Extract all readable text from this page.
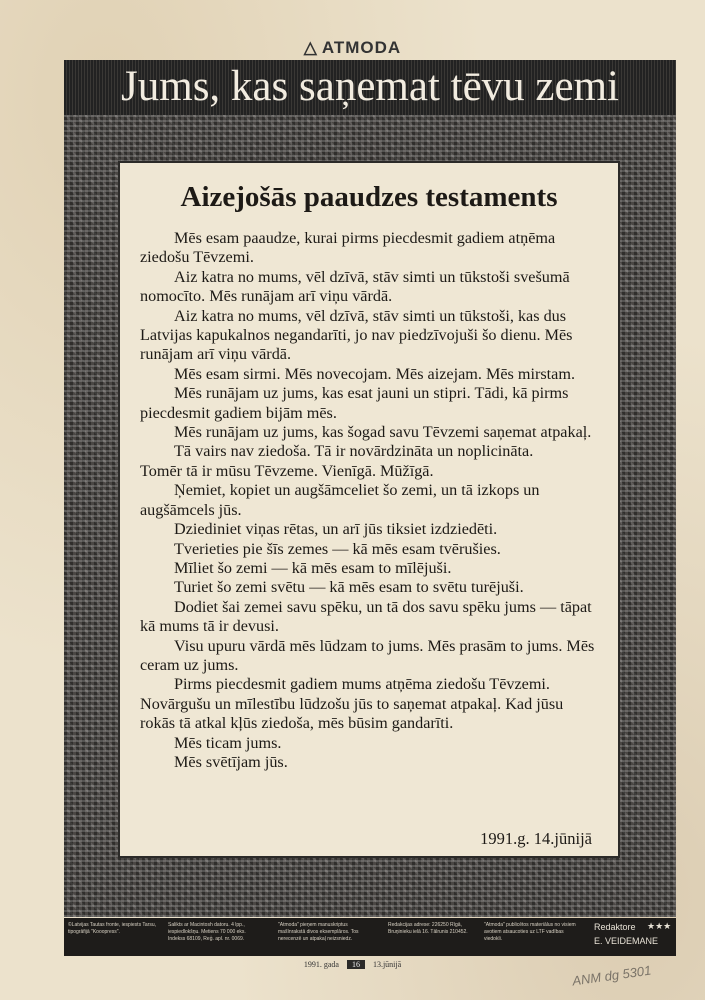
△ ATMODA
Jums, kas saņemat tēvu zemi
Aizejošās paaudzes testaments

Mēs esam paaudze, kurai pirms piecdesmit gadiem atņēma ziedošu Tēvzemi.

Aiz katra no mums, vēl dzīvā, stāv simti un tūkstoši svešumā nomocīto. Mēs runājam arī viņu vārdā.

Aiz katra no mums, vēl dzīvā, stāv simti un tūkstoši, kas dus Latvijas kapukalnos negandarīti, jo nav piedzīvojuši šo dienu. Mēs runājam arī viņu vārdā.

Mēs esam sirmi. Mēs novecojam. Mēs aizejam. Mēs mirstam.

Mēs runājam uz jums, kas esat jauni un stipri. Tādi, kā pirms piecdesmit gadiem bijām mēs.

Mēs runājam uz jums, kas šogad savu Tēvzemi saņemat atpakaļ.

Tā vairs nav ziedoša. Tā ir novārdzināta un noplicināta.

Tomēr tā ir mūsu Tēvzeme. Vienīgā. Mūžīgā.

Ņemiet, kopiet un augšāmceliet šo zemi, un tā izkops un augšāmcels jūs.

Dziediniet viņas rētas, un arī jūs tiksiet izdziedēti.

Tverieties pie šīs zemes — kā mēs esam tvērušies.

Mīliet šo zemi — kā mēs esam to mīlējuši.

Turiet šo zemi svētu — kā mēs esam to svētu turējuši.

Dodiet šai zemei savu spēku, un tā dos savu spēku jums — tāpat kā mums tā ir devusi.

Visu upuru vārdā mēs lūdzam to jums. Mēs prasām to jums. Mēs ceram uz jums.

Pirms piecdesmit gadiem mums atņēma ziedošu Tēvzemi. Novārgušu un mīlestību lūdzošu jūs to saņemat atpakaļ. Kad jūsu rokās tā atkal kļūs ziedoša, mēs būsim gandarīti.

Mēs ticam jums.

Mēs svētījam jūs.

1991.g. 14.jūnijā
©Latvijas Tautas fronte, iespiests Tarsu, tipogrāfijā "Kooopress".
Salikts ar Macintosh datoru. 4 lpp., iespiedlokšņu. Metiens 70 000 eks. Indekss 68109, Reģ. apl. nr. 0069.
"Atmoda" pieņem manuskriptus mašīnrakstā divos eksemplāros. Tos nerecenzē un atpakaļ neizsniedz.
Redakcijas adrese: 226250 Rīgā, Bruņinieku ielā 16. Tālrunis 210452.
"Atmoda" publicētos materiālus no visiem avotiem atsaucoties uz LTF vadības viedokli.
Redaktore ★★★
E. VEIDEMANE
1991. gada 16 13.jūnijā	ANM dg 5301
